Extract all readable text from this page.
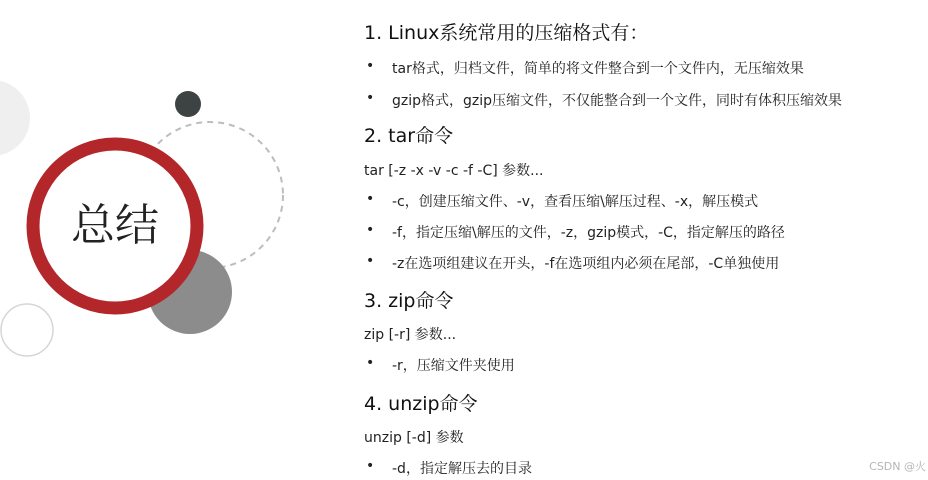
总结
1. Linux系统常用的压缩格式有：
• tar格式，归档文件，简单的将文件整合到一个文件内，无压缩效果
• gzip格式，gzip压缩文件，不仅能整合到一个文件，同时有体积压缩效果
2. tar命令
tar [-z -x -v -c -f -C] 参数...
• -c，创建压缩文件、-v，查看压缩\解压过程、-x，解压模式
• -f，指定压缩\解压的文件，-z，gzip模式，-C，指定解压的路径
• -z在选项组建议在开头，-f在选项组内必须在尾部，-C单独使用
3. zip命令
zip [-r] 参数...
• -r，压缩文件夹使用
4. unzip命令
unzip [-d] 参数
• -d，指定解压去的目录	CSDN @火
